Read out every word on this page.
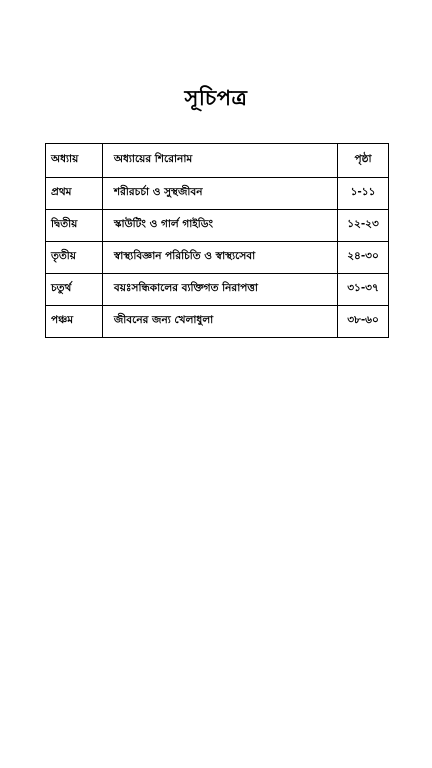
সূচিপত্র
অধ্যায়	অধ্যায়ের শিরোনাম	পৃষ্ঠা
প্রথম	শরীরচর্চা ও সুস্থজীবন	১-১১
দ্বিতীয়	স্কাউটিং ও গার্ল গাইডিং	১২-২৩
তৃতীয়	স্বাস্থ্যবিজ্ঞান পরিচিতি ও স্বাস্থ্যসেবা	২৪-৩০
চতুর্থ	বয়ঃসন্ধিকালের ব্যক্তিগত নিরাপত্তা	৩১-৩৭
পঞ্চম	জীবনের জন্য খেলাধুলা	৩৮-৬০
